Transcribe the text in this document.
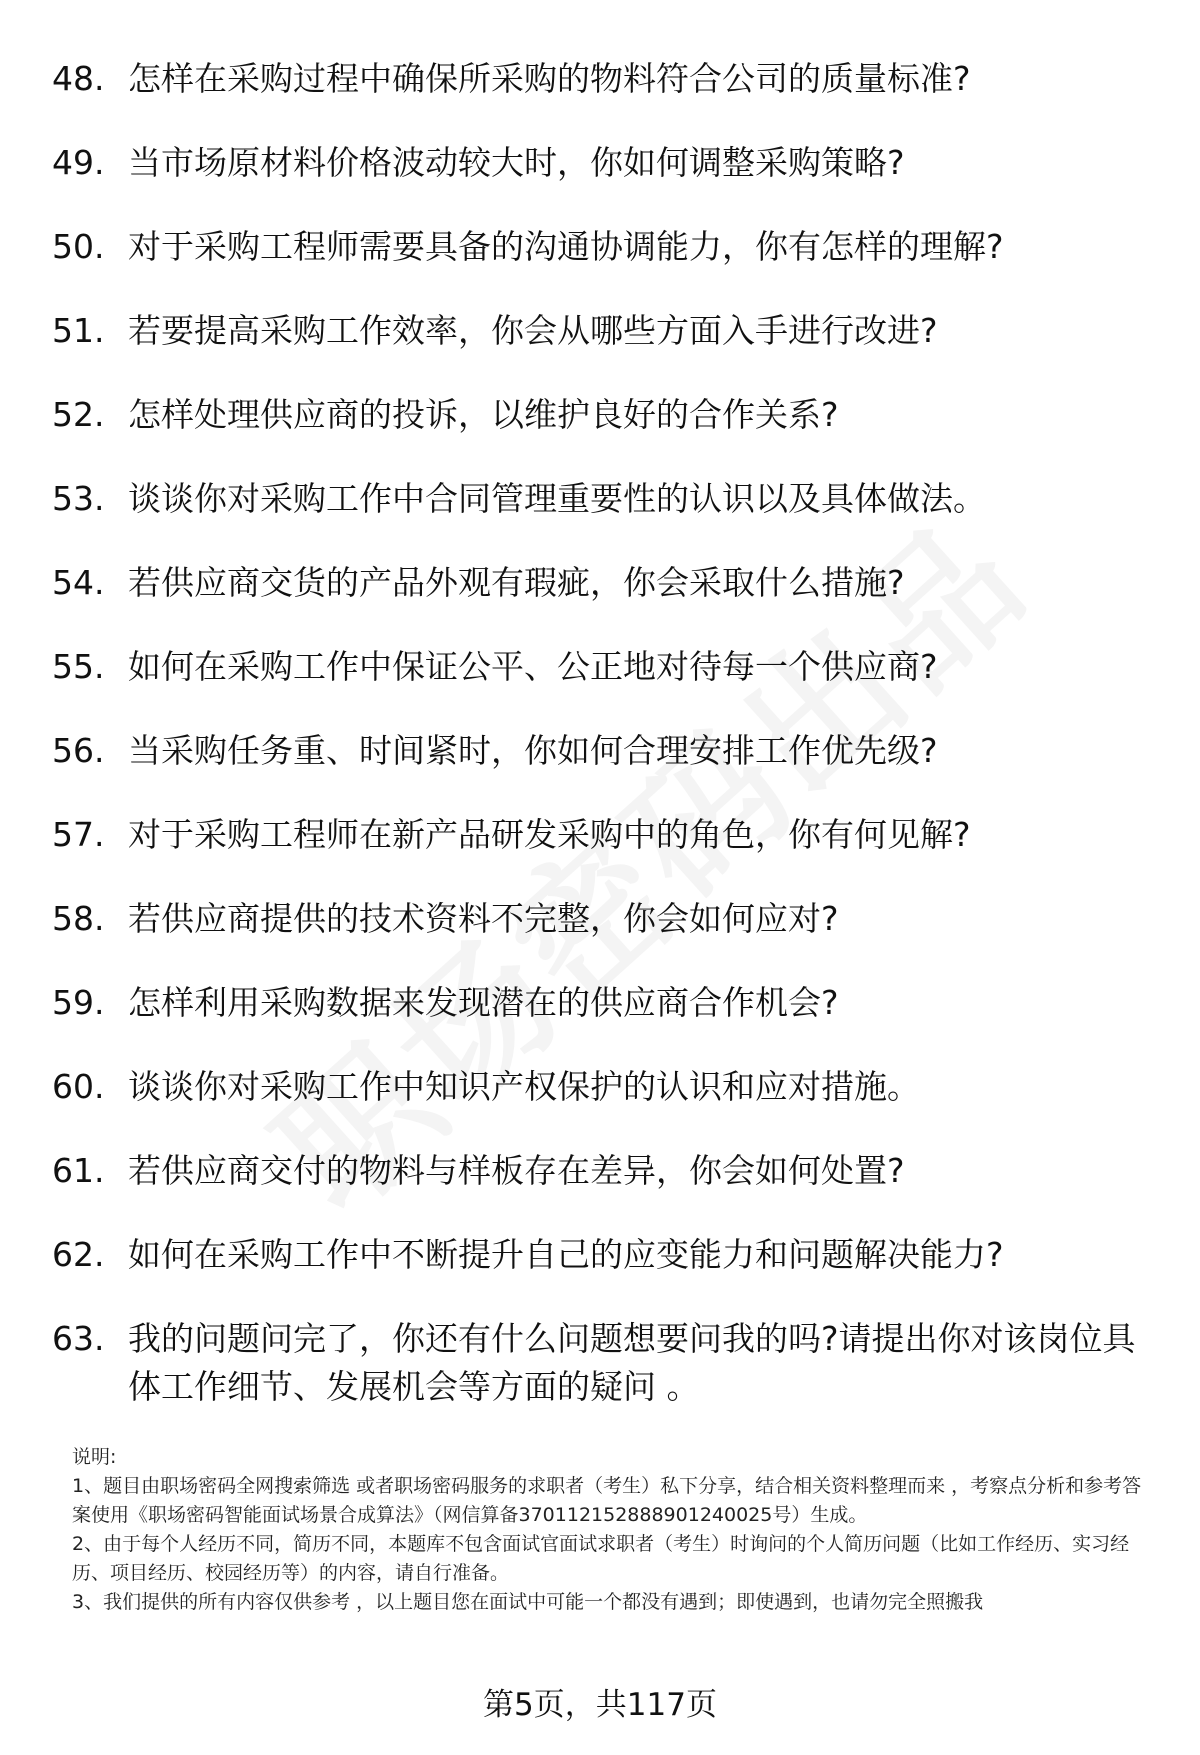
48. 怎样在采购过程中确保所采购的物料符合公司的质量标准?
49. 当市场原材料价格波动较大时，你如何调整采购策略?
50. 对于采购工程师需要具备的沟通协调能力，你有怎样的理解?
51. 若要提高采购工作效率，你会从哪些方面入手进行改进?
52. 怎样处理供应商的投诉，以维护良好的合作关系?
53. 谈谈你对采购工作中合同管理重要性的认识以及具体做法。
54. 若供应商交货的产品外观有瑕疵，你会采取什么措施?
55. 如何在采购工作中保证公平、公正地对待每一个供应商?
56. 当采购任务重、时间紧时，你如何合理安排工作优先级?
57. 对于采购工程师在新产品研发采购中的角色，你有何见解?
58. 若供应商提供的技术资料不完整，你会如何应对?
59. 怎样利用采购数据来发现潜在的供应商合作机会?
60. 谈谈你对采购工作中知识产权保护的认识和应对措施。
61. 若供应商交付的物料与样板存在差异，你会如何处置?
62. 如何在采购工作中不断提升自己的应变能力和问题解决能力?
63. 我的问题问完了，你还有什么问题想要问我的吗?请提出你对该岗位具体工作细节、发展机会等方面的疑问 。

说明:

1、题目由职场密码全网搜索筛选 或者职场密码服务的求职者（考生）私下分享，结合相关资料整理而来 ，考察点分析和参考答案使用《职场密码智能面试场景合成算法》（网信算备370112152888901240025号）生成。

2、由于每个人经历不同，简历不同，本题库不包含面试官面试求职者（考生）时询问的个人简历问题（比如工作经历、实习经历、项目经历、校园经历等）的内容，请自行准备。

3、我们提供的所有内容仅供参考 ，以上题目您在面试中可能一个都没有遇到；即使遇到，也请勿完全照搬我

第5页，共117页
